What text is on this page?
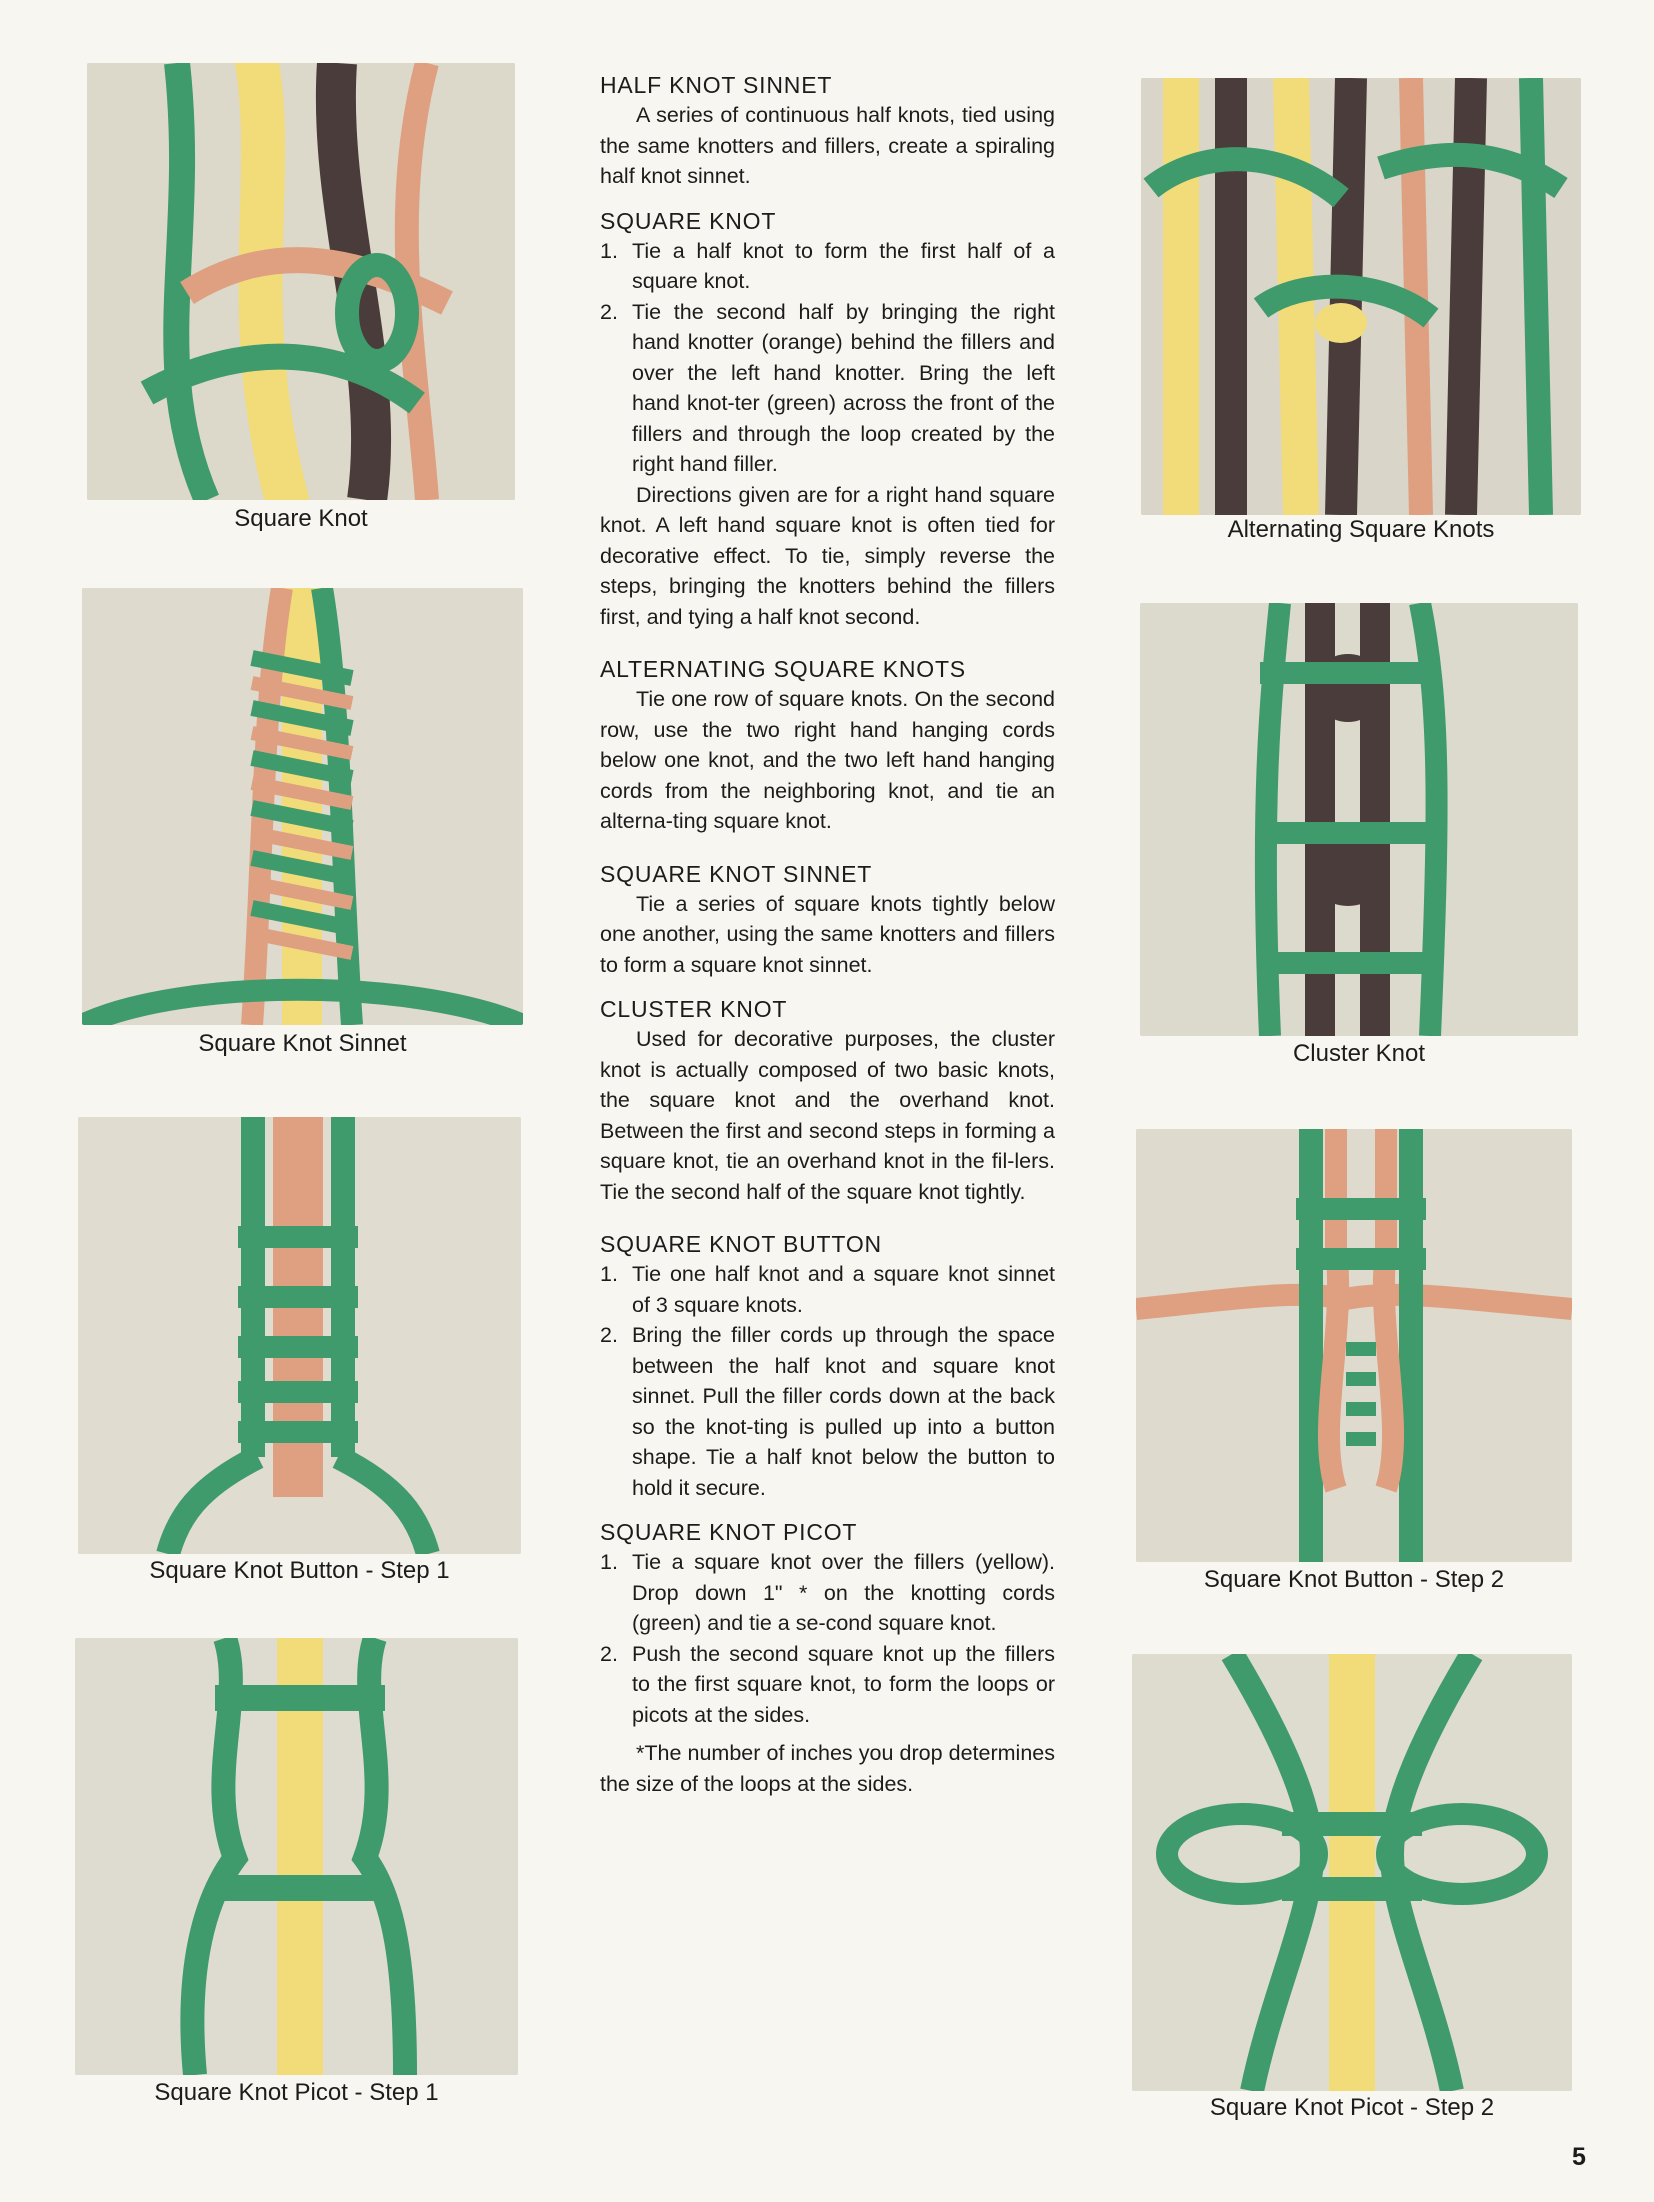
Square Knot
Square Knot Sinnet
Square Knot Button - Step 1
Square Knot Picot - Step 1
Alternating Square Knots
Cluster Knot
Square Knot Button - Step 2
Square Knot Picot - Step 2
HALF KNOT SINNET

A series of continuous half knots, tied using the same knotters and fillers, create a spiraling half knot sinnet.

SQUARE KNOT
1. Tie a half knot to form the first half of a square knot.
2. Tie the second half by bringing the right hand knotter (orange) behind the fillers and over the left hand knotter. Bring the left hand knot-ter (green) across the front of the fillers and through the loop created by the right hand filler.

Directions given are for a right hand square knot. A left hand square knot is often tied for decorative effect. To tie, simply reverse the steps, bringing the knotters behind the fillers first, and tying a half knot second.

ALTERNATING SQUARE KNOTS

Tie one row of square knots. On the second row, use the two right hand hanging cords below one knot, and the two left hand hanging cords from the neighboring knot, and tie an alterna-ting square knot.

SQUARE KNOT SINNET

Tie a series of square knots tightly below one another, using the same knotters and fillers to form a square knot sinnet.

CLUSTER KNOT

Used for decorative purposes, the cluster knot is actually composed of two basic knots, the square knot and the overhand knot. Between the first and second steps in forming a square knot, tie an overhand knot in the fil-lers. Tie the second half of the square knot tightly.

SQUARE KNOT BUTTON
1. Tie one half knot and a square knot sinnet of 3 square knots.
2. Bring the filler cords up through the space between the half knot and square knot sinnet. Pull the filler cords down at the back so the knot-ting is pulled up into a button shape. Tie a half knot below the button to hold it secure.
SQUARE KNOT PICOT
1. Tie a square knot over the fillers (yellow). Drop down 1" * on the knotting cords (green) and tie a se-cond square knot.
2. Push the second square knot up the fillers to the first square knot, to form the loops or picots at the sides.

*The number of inches you drop determines the size of the loops at the sides.

5
